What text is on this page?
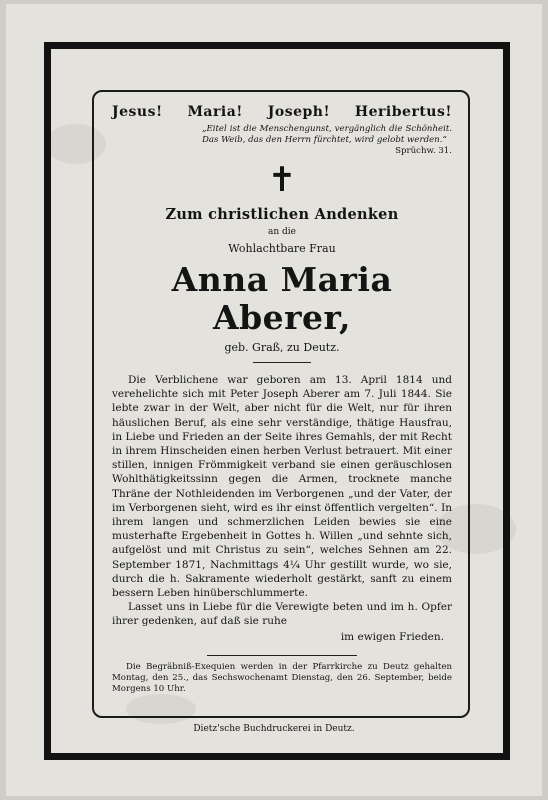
Jesus! Maria! Joseph! Heribertus!
„Eitel ist die Menschengunst, vergänglich die Schönheit. Das Weib, das den Herrn fürchtet, wird gelobt werden.“
Sprüchw. 31.
✝
Zum christlichen Andenken
an die
Wohlachtbare Frau
Anna Maria Aberer,
geb. Graß, zu Deutz.

Die Verblichene war geboren am 13. April 1814 und verehelichte sich mit Peter Joseph Aberer am 7. Juli 1844. Sie lebte zwar in der Welt, aber nicht für die Welt, nur für ihren häuslichen Beruf, als eine sehr verständige, thätige Hausfrau, in Liebe und Frieden an der Seite ihres Gemahls, der mit Recht in ihrem Hinscheiden einen herben Verlust betrauert. Mit einer stillen, innigen Frömmigkeit verband sie einen geräuschlosen Wohlthätigkeitssinn gegen die Armen, trocknete manche Thräne der Nothleidenden im Verborgenen „und der Vater, der im Verborgenen sieht, wird es ihr einst öffentlich vergelten“. In ihrem langen und schmerzlichen Leiden bewies sie eine musterhafte Ergebenheit in Gottes h. Willen „und sehnte sich, aufgelöst und mit Christus zu sein“, welches Sehnen am 22. September 1871, Nachmittags 4¼ Uhr gestillt wurde, wo sie, durch die h. Sakramente wiederholt gestärkt, sanft zu einem bessern Leben hinüberschlummerte.

Lasset uns in Liebe für die Verewigte beten und im h. Opfer ihrer gedenken, auf daß sie ruhe

im ewigen Frieden.

Die Begräbniß-Exequien werden in der Pfarrkirche zu Deutz gehalten Montag, den 25., das Sechswochenamt Dienstag, den 26. September, beide Morgens 10 Uhr.

Dietz'sche Buchdruckerei in Deutz.
